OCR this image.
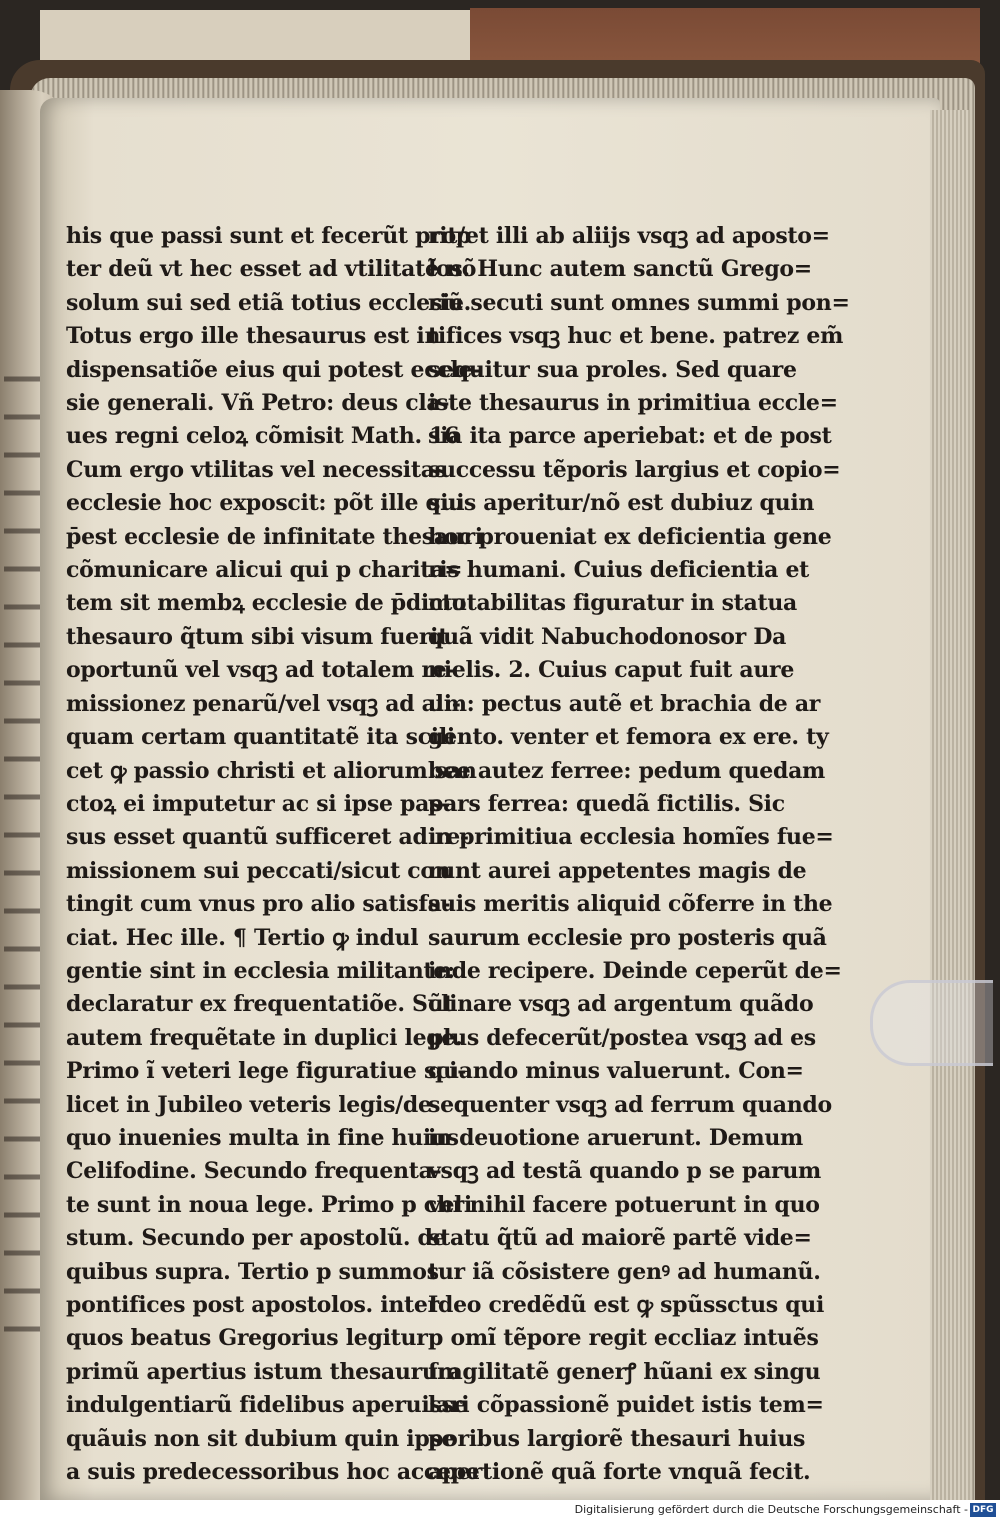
his que passi sunt et fecerũt prop
ter deũ vt hec esset ad vtilitatẽ nõ
solum sui sed etiã totius ecclesie.
Totus ergo ille thesaurus est in
dispensatiõe eius qui potest eccle-
sie generali. Vñ Petro: deus cla-
ues regni celoꝝ cõmisit Math. 16
Cum ergo vtilitas vel necessitas
ecclesie hoc exposcit: põt ille qui
p̄est ecclesie de infinitate thesauri
cõmunicare alicui qui p charita=
tem sit membꝝ ecclesie de p̄dicto
thesauro q̃tum sibi visum fuerit
oportunũ vel vsqꝫ ad totalem re-
missionez penarũ/vel vsqꝫ ad ali-
quam certam quantitatẽ ita scili
cet ꝙ passio christi et aliorum san
ctoꝝ ei imputetur ac si ipse pas-
sus esset quantũ sufficeret ad re-
missionem sui peccati/sicut con
tingit cum vnus pro alio satisfa-
ciat. Hec ille. ¶ Tertio ꝙ indul
gentie sint in ecclesia militante:
declaratur ex frequentatiõe. Sũt
autem frequẽtate in duplici lege.
Primo ĩ veteri lege figuratiue sci-
licet in Jubileo veteris legis/de
quo inuenies multa in fine huius
Celifodine. Secundo frequenta-
te sunt in noua lege. Primo p chri
stum. Secundo per apostolũ. de
quibus supra. Tertio p summos
pontifices post apostolos. inter
quos beatus Gregorius legitur
primũ apertius istum thesaurum
indulgentiarũ fidelibus aperuisse
quãuis non sit dubium quin ipse
a suis predecessoribus hoc accepe
rit/et illi ab aliĳs vsqꝫ ad aposto=
los. Hunc autem sanctũ Grego=
riũ secuti sunt omnes summi pon=
tifices vsqꝫ huc et bene. patrez em̃
sequitur sua proles. Sed quare
iste thesaurus in primitiua eccle=
sia ita parce aperiebat: et de post
successu tẽporis largius et copio=
sius aperitur/nõ est dubiuz quin
hoc proueniat ex deficientia gene
ris humani. Cuius deficientia et
mutabilitas figuratur in statua
quã vidit Nabuchodonosor Da
nielis. 2. Cuius caput fuit aure
um: pectus autẽ et brachia de ar
gento. venter et femora ex ere. ty
bee autez ferree: pedum quedam
pars ferrea: quedã fictilis. Sic
in primitiua ecclesia homĩes fue=
runt aurei appetentes magis de
suis meritis aliquid cõferre in the
saurum ecclesie pro posteris quã
inde recipere. Deinde ceperũt de=
clinare vsqꝫ ad argentum quãdo
plus defecerũt/postea vsqꝫ ad es
quando minus valuerunt. Con=
sequenter vsqꝫ ad ferrum quando
in deuotione aruerunt. Demum
vsqꝫ ad testã quando p se parum
vel nihil facere potuerunt in quo
statu q̃tũ ad maiorẽ partẽ vide=
tur iã cõsistere genꝰ ad humanũ.
Ideo credẽdũ est ꝙ spũssctus qui
p omĩ tẽpore regit eccliaz intuẽs
fragilitatẽ generꝭ hũani ex singu
lari cõpassionẽ puidet istis tem=
poribus largiorẽ thesauri huius
apertionẽ quã forte vnquã fecit.
Digitalisierung gefördert durch die Deutsche Forschungsgemeinschaft - DFG
